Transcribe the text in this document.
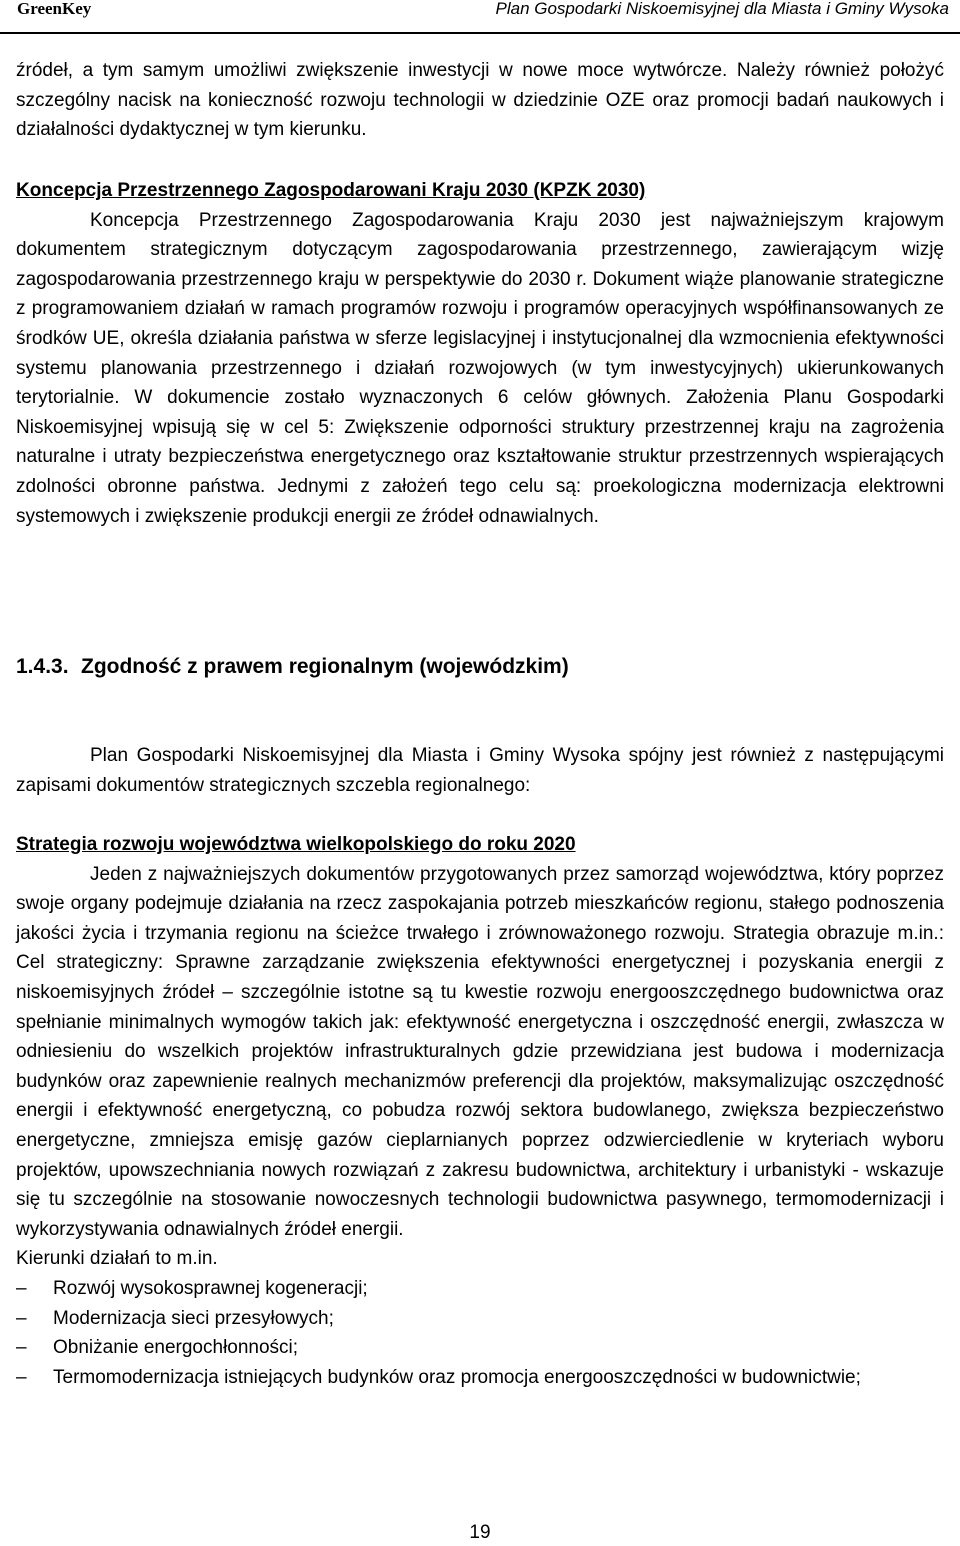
GreenKey	Plan Gospodarki Niskoemisyjnej dla Miasta i Gminy Wysoka

źródeł, a tym samym umożliwi zwiększenie inwestycji w nowe moce wytwórcze. Należy również położyć szczególny nacisk na konieczność rozwoju technologii w dziedzinie OZE oraz promocji badań naukowych i działalności dydaktycznej w tym kierunku.

Koncepcja Przestrzennego Zagospodarowani Kraju 2030 (KPZK 2030)

Koncepcja Przestrzennego Zagospodarowania Kraju 2030 jest najważniejszym krajowym dokumentem strategicznym dotyczącym zagospodarowania przestrzennego, zawierającym wizję zagospodarowania przestrzennego kraju w perspektywie do 2030 r. Dokument wiąże planowanie strategiczne z programowaniem działań w ramach programów rozwoju i programów operacyjnych współfinansowanych ze środków UE, określa działania państwa w sferze legislacyjnej i instytucjonalnej dla wzmocnienia efektywności systemu planowania przestrzennego i działań rozwojowych (w tym inwestycyjnych) ukierunkowanych terytorialnie. W dokumencie zostało wyznaczonych 6 celów głównych. Założenia Planu Gospodarki Niskoemisyjnej wpisują się w cel 5: Zwiększenie odporności struktury przestrzennej kraju na zagrożenia naturalne i utraty bezpieczeństwa energetycznego oraz kształtowanie struktur przestrzennych wspierających zdolności obronne państwa. Jednymi z założeń tego celu są: proekologiczna modernizacja elektrowni systemowych i zwiększenie produkcji energii ze źródeł odnawialnych.

1.4.3. Zgodność z prawem regionalnym (wojewódzkim)

Plan Gospodarki Niskoemisyjnej dla Miasta i Gminy Wysoka spójny jest również z następującymi zapisami dokumentów strategicznych szczebla regionalnego:

Strategia rozwoju województwa wielkopolskiego do roku 2020

Jeden z najważniejszych dokumentów przygotowanych przez samorząd województwa, który poprzez swoje organy podejmuje działania na rzecz zaspokajania potrzeb mieszkańców regionu, stałego podnoszenia jakości życia i trzymania regionu na ścieżce trwałego i zrównoważonego rozwoju. Strategia obrazuje m.in.: Cel strategiczny: Sprawne zarządzanie zwiększenia efektywności energetycznej i pozyskania energii z niskoemisyjnych źródeł – szczególnie istotne są tu kwestie rozwoju energooszczędnego budownictwa oraz spełnianie minimalnych wymogów takich jak: efektywność energetyczna i oszczędność energii, zwłaszcza w odniesieniu do wszelkich projektów infrastrukturalnych gdzie przewidziana jest budowa i modernizacja budynków oraz zapewnienie realnych mechanizmów preferencji dla projektów, maksymalizując oszczędność energii i efektywność energetyczną, co pobudza rozwój sektora budowlanego, zwiększa bezpieczeństwo energetyczne, zmniejsza emisję gazów cieplarnianych poprzez odzwierciedlenie w kryteriach wyboru projektów, upowszechniania nowych rozwiązań z zakresu budownictwa, architektury i urbanistyki - wskazuje się tu szczególnie na stosowanie nowoczesnych technologii budownictwa pasywnego, termomodernizacji i wykorzystywania odnawialnych źródeł energii.

Kierunki działań to m.in.

– Rozwój wysokosprawnej kogeneracji;
– Modernizacja sieci przesyłowych;
– Obniżanie energochłonności;
– Termomodernizacja istniejących budynków oraz promocja energooszczędności w budownictwie;
19
